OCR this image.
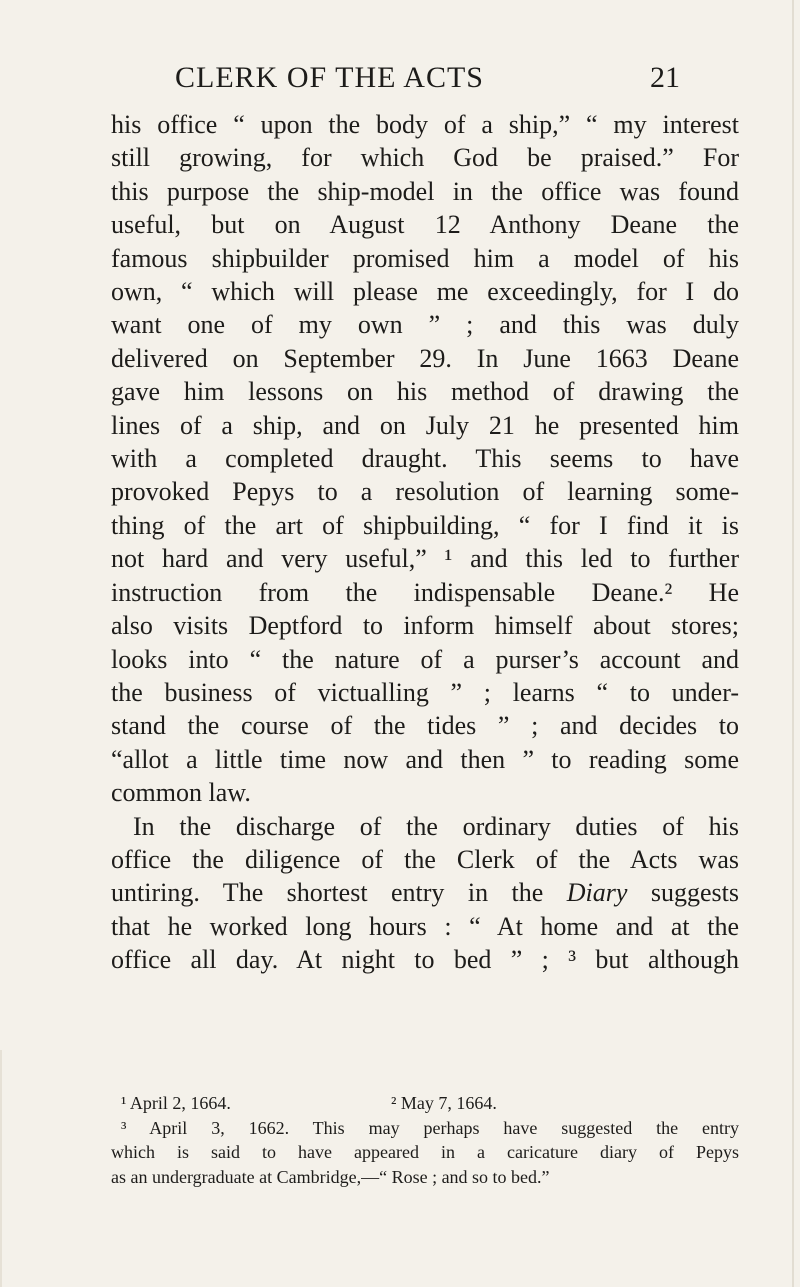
CLERK OF THE ACTS	21
his office “ upon the body of a ship,” “ my interest
still growing, for which God be praised.” For
this purpose the ship-model in the office was found
useful, but on August 12 Anthony Deane the
famous shipbuilder promised him a model of his
own, “ which will please me exceedingly, for I do
want one of my own ” ; and this was duly
delivered on September 29. In June 1663 Deane
gave him lessons on his method of drawing the
lines of a ship, and on July 21 he presented him
with a completed draught. This seems to have
provoked Pepys to a resolution of learning some-
thing of the art of shipbuilding, “ for I find it is
not hard and very useful,” ¹ and this led to further
instruction from the indispensable Deane.² He
also visits Deptford to inform himself about stores;
looks into “ the nature of a purser’s account and
the business of victualling ” ; learns “ to under-
stand the course of the tides ” ; and decides to
“allot a little time now and then ” to reading some
common law.
In the discharge of the ordinary duties of his
office the diligence of the Clerk of the Acts was
untiring. The shortest entry in the Diary suggests
that he worked long hours : “ At home and at the
office all day. At night to bed ” ; ³ but although
¹ April 2, 1664.	² May 7, 1664.
³ April 3, 1662. This may perhaps have suggested the entry
which is said to have appeared in a caricature diary of Pepys
as an undergraduate at Cambridge,—“ Rose ; and so to bed.”
